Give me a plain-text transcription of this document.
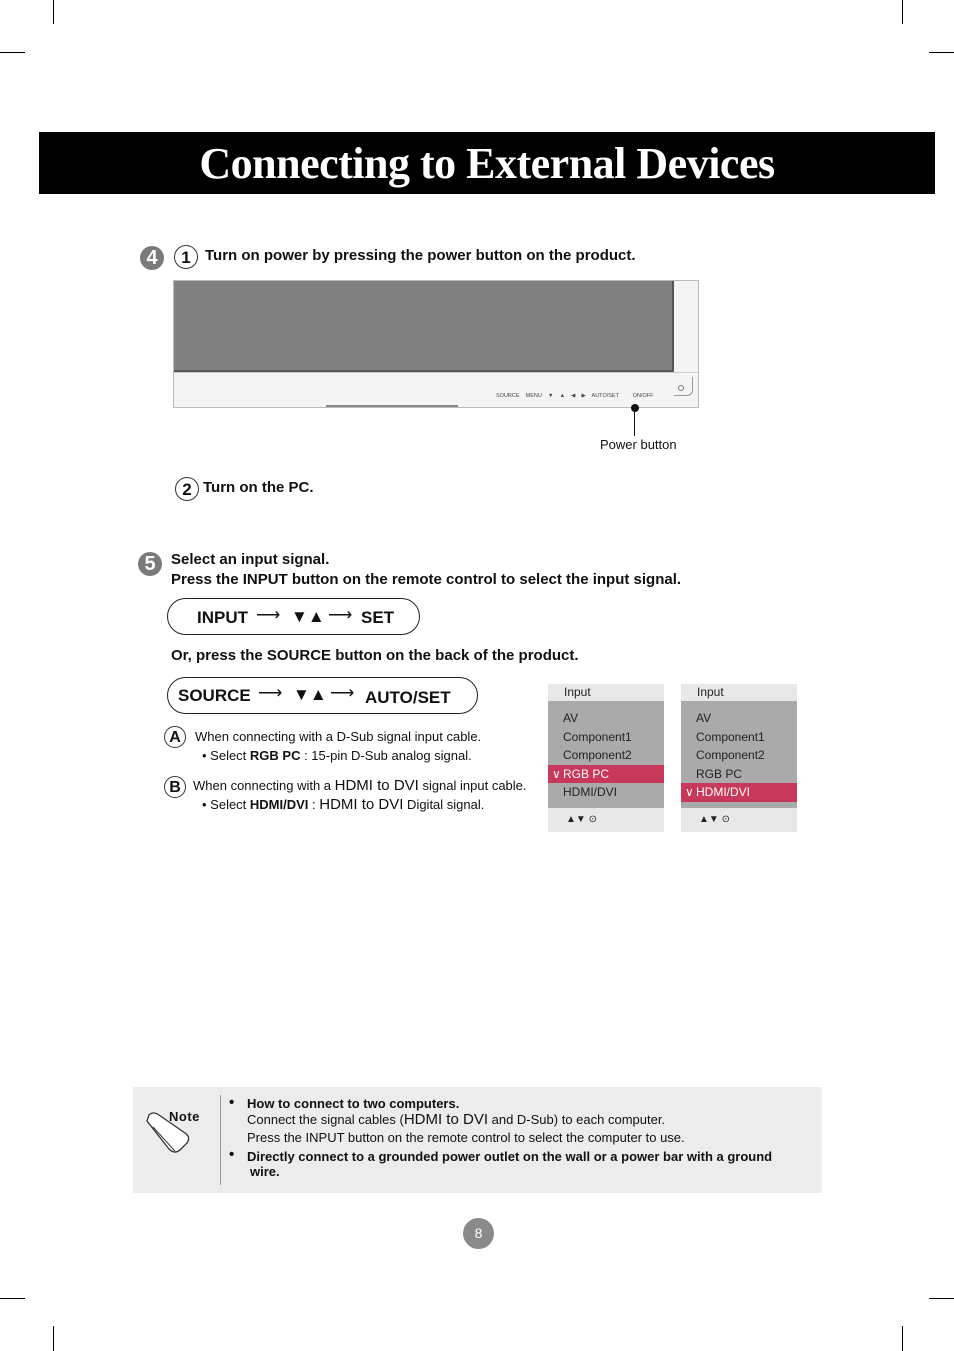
Connecting to External Devices
4	1 Turn on power by pressing the power button on the product.
SOURCE MENU ▼ ▲ ◀ ▶ AUTO/SET	ON/OFF
Power button
2 Turn on the PC.
5	Select an input signal.
Press the INPUT button on the remote control to select the input signal.
INPUT ⟶ ▼▲ ⟶ SET
Or, press the SOURCE button on the back of the product.
SOURCE ⟶ ▼▲ ⟶ AUTO/SET
A	When connecting with a D-Sub signal input cable.
• Select RGB PC : 15-pin D-Sub analog signal.
B When connecting with a HDMI to DVI signal input cable.
• Select HDMI/DVI : HDMI to DVI Digital signal.
Input
AV
Component1
Component2
∨ RGB PC
HDMI/DVI
▲▼ ⊙
Input
AV
Component1
Component2
RGB PC
∨ HDMI/DVI
▲▼ ⊙
Note
• How to connect to two computers.
Connect the signal cables (HDMI to DVI and D-Sub) to each computer.
Press the INPUT button on the remote control to select the computer to use.
• Directly connect to a grounded power outlet on the wall or a power bar with a ground
wire.
8
